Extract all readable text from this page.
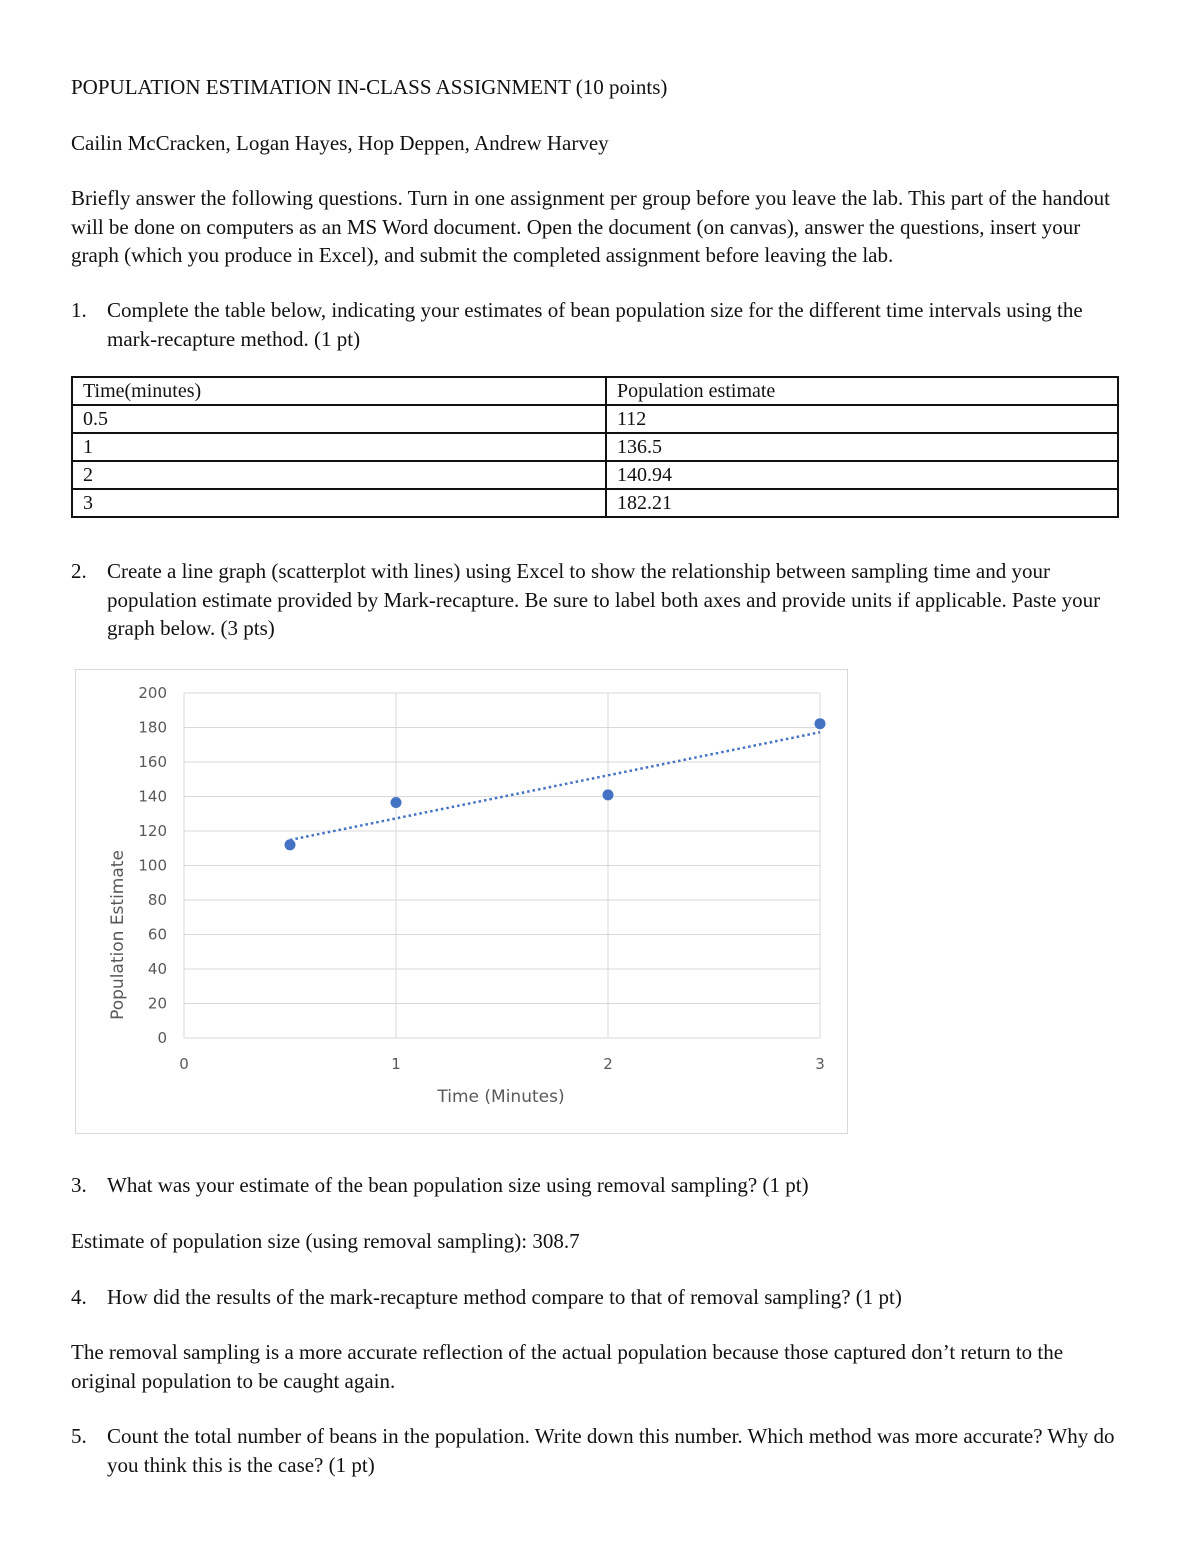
POPULATION ESTIMATION IN-CLASS ASSIGNMENT (10 points)
Cailin McCracken, Logan Hayes, Hop Deppen, Andrew Harvey
Briefly answer the following questions. Turn in one assignment per group before you leave the lab. This part of the handout will be done on computers as an MS Word document. Open the document (on canvas), answer the questions, insert your graph (which you produce in Excel), and submit the completed assignment before leaving the lab.
1. Complete the table below, indicating your estimates of bean population size for the different time intervals using the mark-recapture method. (1 pt)
Time(minutes)	Population estimate
0.5	112
1	136.5
2	140.94
3	182.21
2. Create a line graph (scatterplot with lines) using Excel to show the relationship between sampling time and your population estimate provided by Mark-recapture. Be sure to label both axes and provide units if applicable. Paste your graph below. (3 pts)
0
20
40
60
80
100
120
140
160
180
200
0	1	2	3
Population Estimate
Time (Minutes)
3. What was your estimate of the bean population size using removal sampling? (1 pt)
Estimate of population size (using removal sampling): 308.7
4. How did the results of the mark-recapture method compare to that of removal sampling? (1 pt)
The removal sampling is a more accurate reflection of the actual population because those captured don’t return to the original population to be caught again.
5. Count the total number of beans in the population. Write down this number. Which method was more accurate? Why do you think this is the case? (1 pt)
